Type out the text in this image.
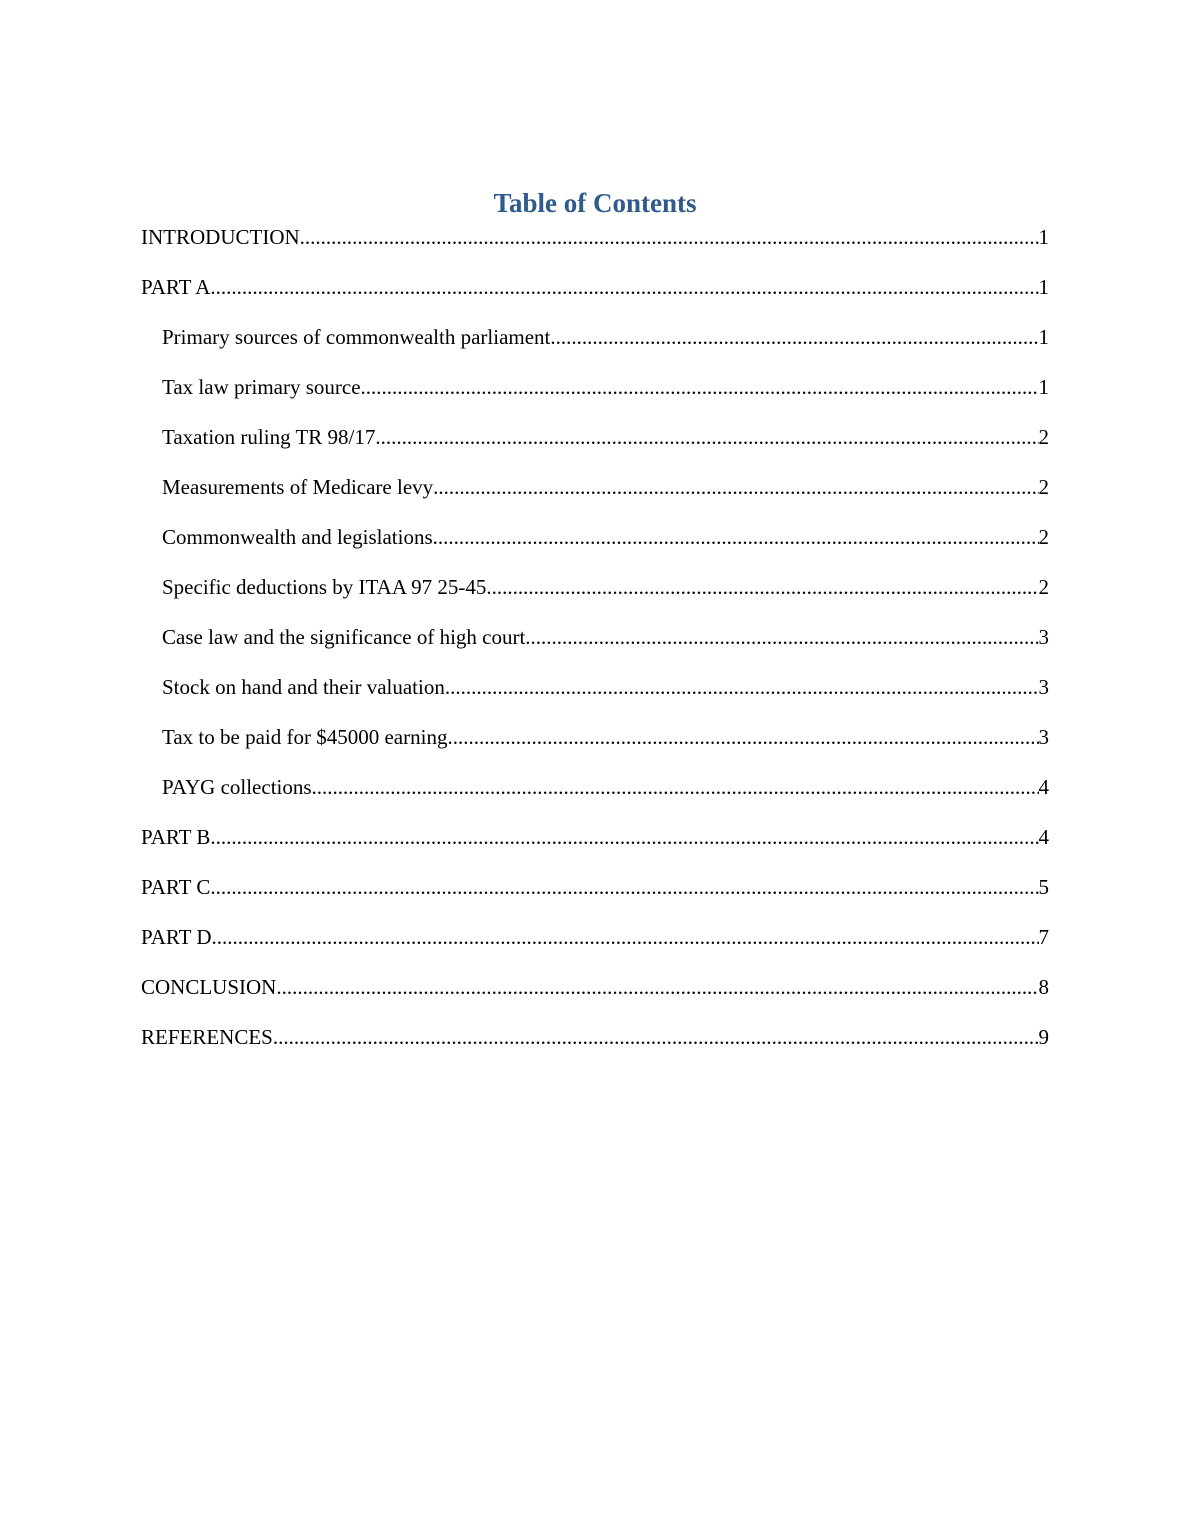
Table of Contents
INTRODUCTION .....	1
PART A .....	1
Primary sources of commonwealth parliament .....	1
Tax law primary source .....	1
Taxation ruling TR 98/17 .....	2
Measurements of Medicare levy .....	2
Commonwealth and legislations .....	2
Specific deductions by ITAA 97 25-45 .....	2
Case law and the significance of high court .....	3
Stock on hand and their valuation .....	3
Tax to be paid for $45000 earning .....	3
PAYG collections .....	4
PART B .....	4
PART C .....	5
PART D .....	7
CONCLUSION .....	8
REFERENCES .....	9
